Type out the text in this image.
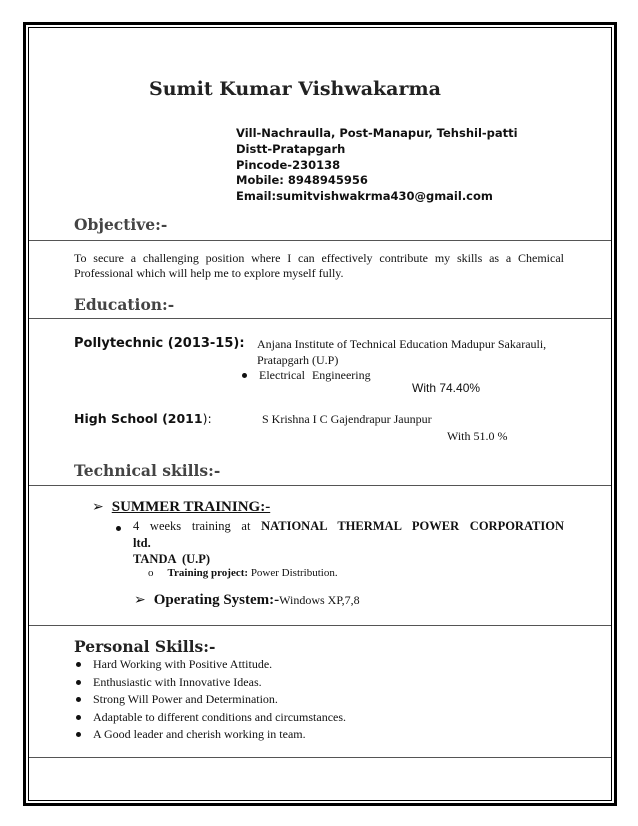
Sumit Kumar Vishwakarma
Vill-Nachraulla, Post-Manapur, Tehshil-patti
Distt-Pratapgarh
Pincode-230138
Mobile: 8948945956
Email:sumitvishwakrma430@gmail.com
Objective:-
To secure a challenging position where I can effectively contribute my skills as a Chemical
Professional which will help me to explore myself fully.
Education:-
Pollytechnic (2013-15): Anjana Institute of Technical Education Madupur Sakarauli,
Pratapgarh (U.P)
Electrical Engineering
With 74.40%
High School (2011):	S Krishna I C Gajendrapur Jaunpur
With 51.0 %
Technical skills:-
➢ SUMMER TRAINING:-
4 weeks training at NATIONAL THERMAL POWER CORPORATION
ltd.
TANDA (U.P)
o Training project: Power Distribution.
➢ Operating System:-Windows XP,7,8
Personal Skills:-
Hard Working with Positive Attitude.
Enthusiastic with Innovative Ideas.
Strong Will Power and Determination.
Adaptable to different conditions and circumstances.
A Good leader and cherish working in team.
